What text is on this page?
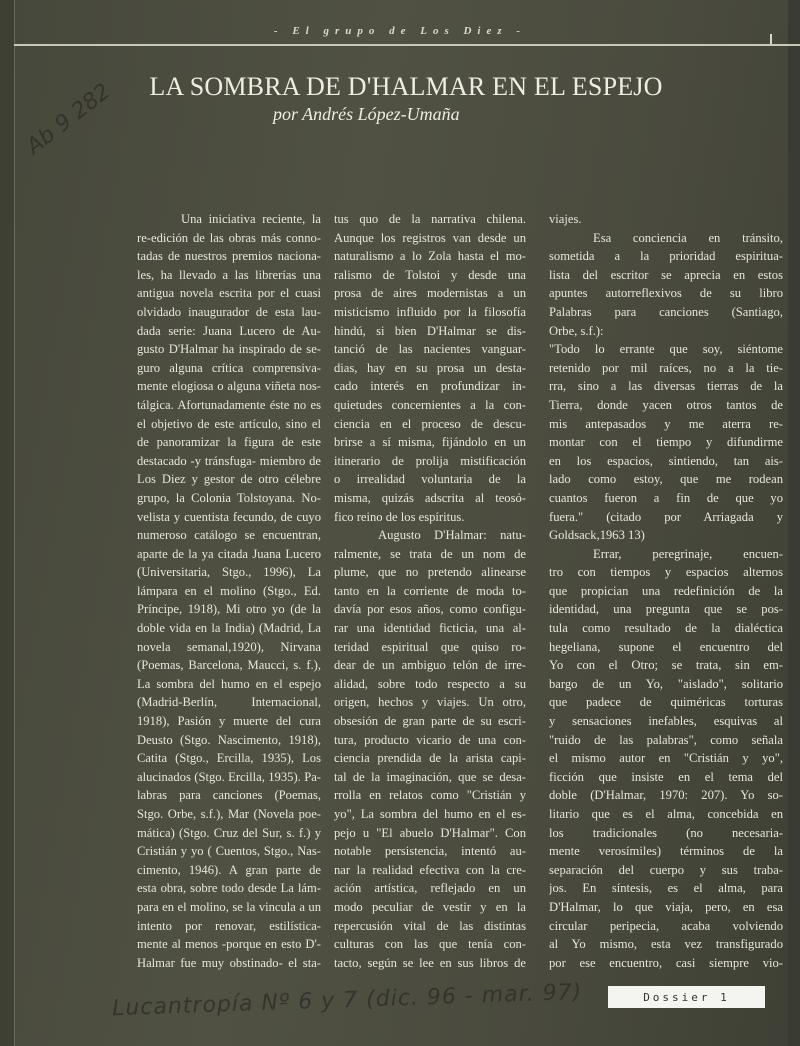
- El grupo de Los Diez -
LA SOMBRA DE D'HALMAR EN EL ESPEJO
por Andrés López-Umaña
Una iniciativa reciente, la
re-edición de las obras más conno-
tadas de nuestros premios naciona-
les, ha llevado a las librerías una
antigua novela escrita por el cuasi
olvidado inaugurador de esta lau-
dada serie: Juana Lucero de Au-
gusto D'Halmar ha inspirado de se-
guro alguna crítica comprensiva-
mente elogiosa o alguna viñeta nos-
tálgica. Afortunadamente éste no es
el objetivo de este artículo, sino el
de panoramizar la figura de este
destacado -y tránsfuga- miembro de
Los Diez y gestor de otro célebre
grupo, la Colonia Tolstoyana. No-
velista y cuentista fecundo, de cuyo
numeroso catálogo se encuentran,
aparte de la ya citada Juana Lucero
(Universitaria, Stgo., 1996), La
lámpara en el molino (Stgo., Ed.
Príncipe, 1918), Mi otro yo (de la
doble vida en la India) (Madrid, La
novela semanal,1920), Nirvana
(Poemas, Barcelona, Maucci, s. f.),
La sombra del humo en el espejo
(Madrid-Berlín, Internacional,
1918), Pasión y muerte del cura
Deusto (Stgo. Nascimento, 1918),
Catita (Stgo., Ercilla, 1935), Los
alucinados (Stgo. Ercilla, 1935). Pa-
labras para canciones (Poemas,
Stgo. Orbe, s.f.), Mar (Novela poe-
mática) (Stgo. Cruz del Sur, s. f.) y
Cristián y yo ( Cuentos, Stgo., Nas-
cimento, 1946). A gran parte de
esta obra, sobre todo desde La lám-
para en el molino, se la vincula a un
intento por renovar, estilística-
mente al menos -porque en esto D'-
Halmar fue muy obstinado- el sta-
tus quo de la narrativa chilena.
Aunque los registros van desde un
naturalismo a lo Zola hasta el mo-
ralismo de Tolstoi y desde una
prosa de aires modernistas a un
misticismo influido por la filosofía
hindú, si bien D'Halmar se dis-
tanció de las nacientes vanguar-
dias, hay en su prosa un desta-
cado interés en profundizar in-
quietudes concernientes a la con-
ciencia en el proceso de descu-
brirse a sí misma, fijándolo en un
itinerario de prolija mistificación
o irrealidad voluntaria de la
misma, quizás adscrita al teosó-
fico reino de los espíritus.
Augusto D'Halmar: natu-
ralmente, se trata de un nom de
plume, que no pretendo alinearse
tanto en la corriente de moda to-
davía por esos años, como configu-
rar una identidad ficticia, una al-
teridad espiritual que quiso ro-
dear de un ambiguo telón de irre-
alidad, sobre todo respecto a su
origen, hechos y viajes. Un otro,
obsesión de gran parte de su escri-
tura, producto vicario de una con-
ciencia prendida de la arista capi-
tal de la imaginación, que se desa-
rrolla en relatos como "Cristián y
yo", La sombra del humo en el es-
pejo u "El abuelo D'Halmar". Con
notable persistencia, intentó au-
nar la realidad efectiva con la cre-
ación artística, reflejado en un
modo peculiar de vestir y en la
repercusión vital de las distintas
culturas con las que tenía con-
tacto, según se lee en sus libros de
viajes.
Esa conciencia en tránsito,
sometida a la prioridad espiritua-
lista del escritor se aprecia en estos
apuntes autorreflexivos de su libro
Palabras para canciones (Santiago,
Orbe, s.f.):
"Todo lo errante que soy, siéntome
retenido por mil raíces, no a la tie-
rra, sino a las diversas tierras de la
Tierra, donde yacen otros tantos de
mis antepasados y me aterra re-
montar con el tiempo y difundirme
en los espacios, sintiendo, tan ais-
lado como estoy, que me rodean
cuantos fueron a fin de que yo
fuera." (citado por Arriagada y
Goldsack,1963 13)
Errar, peregrinaje, encuen-
tro con tiempos y espacios alternos
que propician una redefinición de la
identidad, una pregunta que se pos-
tula como resultado de la dialéctica
hegeliana, supone el encuentro del
Yo con el Otro; se trata, sin em-
bargo de un Yo, "aislado", solitario
que padece de quiméricas torturas
y sensaciones inefables, esquivas al
"ruido de las palabras", como señala
el mismo autor en "Cristián y yo",
ficción que insiste en el tema del
doble (D'Halmar, 1970: 207). Yo so-
litario que es el alma, concebida en
los tradicionales (no necesaria-
mente verosímiles) términos de la
separación del cuerpo y sus traba-
jos. En síntesis, es el alma, para
D'Halmar, lo que viaja, pero, en esa
circular peripecia, acaba volviendo
al Yo mismo, esta vez transfigurado
por ese encuentro, casi siempre vio-
Ab 9 282
Lucantropía Nº 6 y 7 (dic. 96 - mar. 97)	Dossier 1
